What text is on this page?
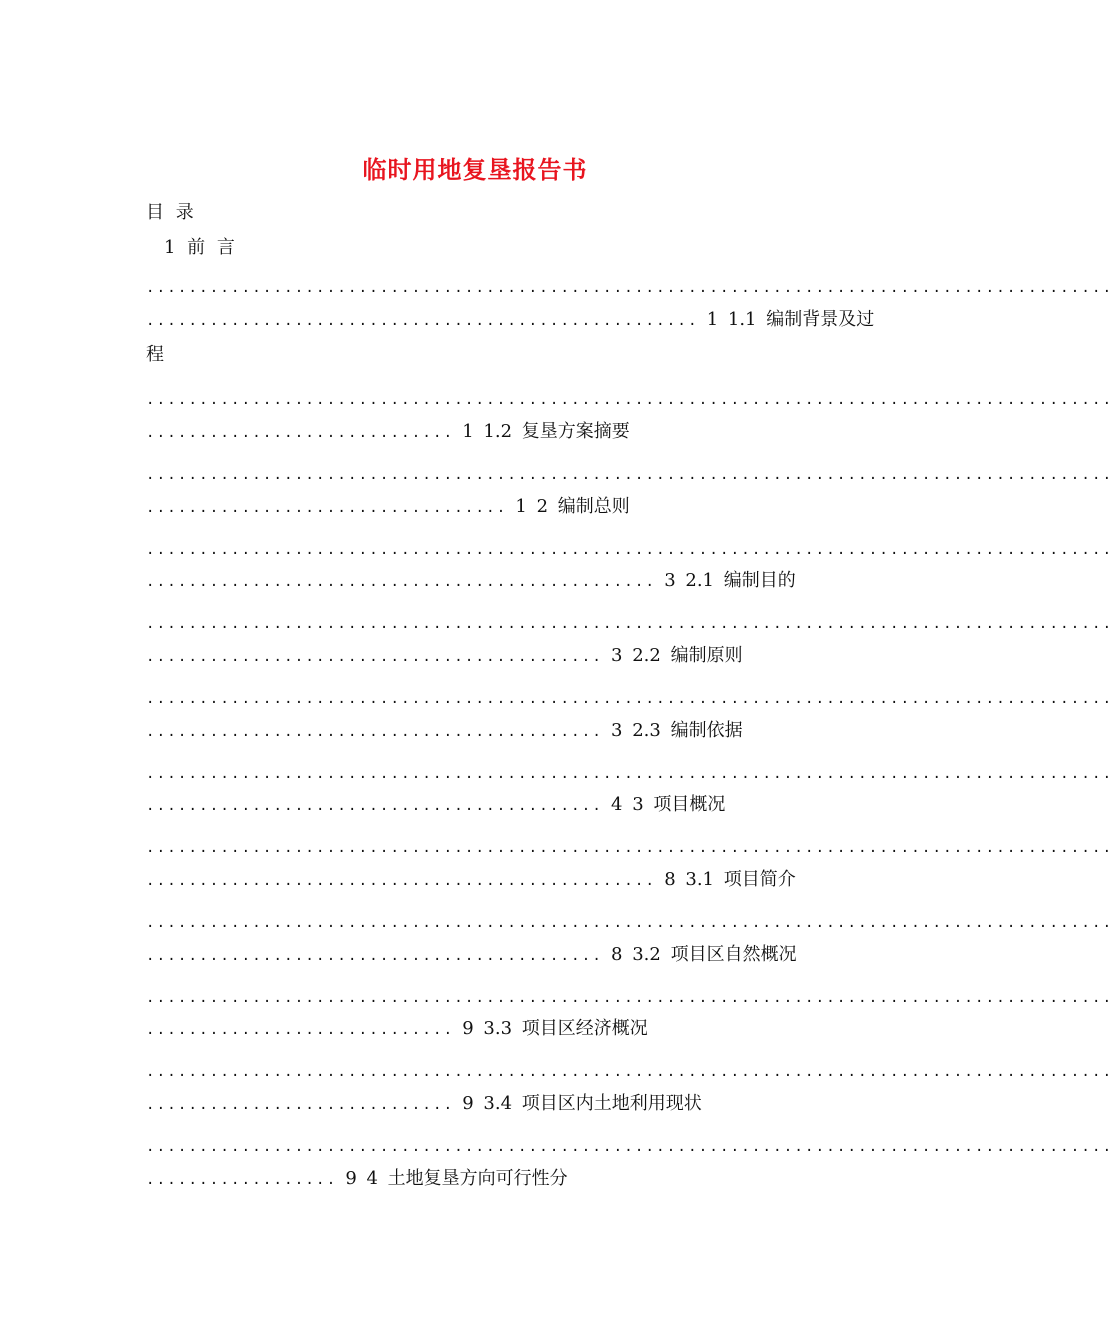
临时用地复垦报告书
目 录
1 前 言
...........................................................................................
.................................................... 1 1.1 编制背景及过
程
...........................................................................................
............................. 1 1.2 复垦方案摘要
...........................................................................................
.................................. 1 2 编制总则
...........................................................................................
................................................ 3 2.1 编制目的
...........................................................................................
........................................... 3 2.2 编制原则
...........................................................................................
........................................... 3 2.3 编制依据
...........................................................................................
........................................... 4 3 项目概况
...........................................................................................
................................................ 8 3.1 项目简介
...........................................................................................
........................................... 8 3.2 项目区自然概况
...........................................................................................
............................. 9 3.3 项目区经济概况
...........................................................................................
............................. 9 3.4 项目区内土地利用现状
...........................................................................................
.................. 9 4 土地复垦方向可行性分
